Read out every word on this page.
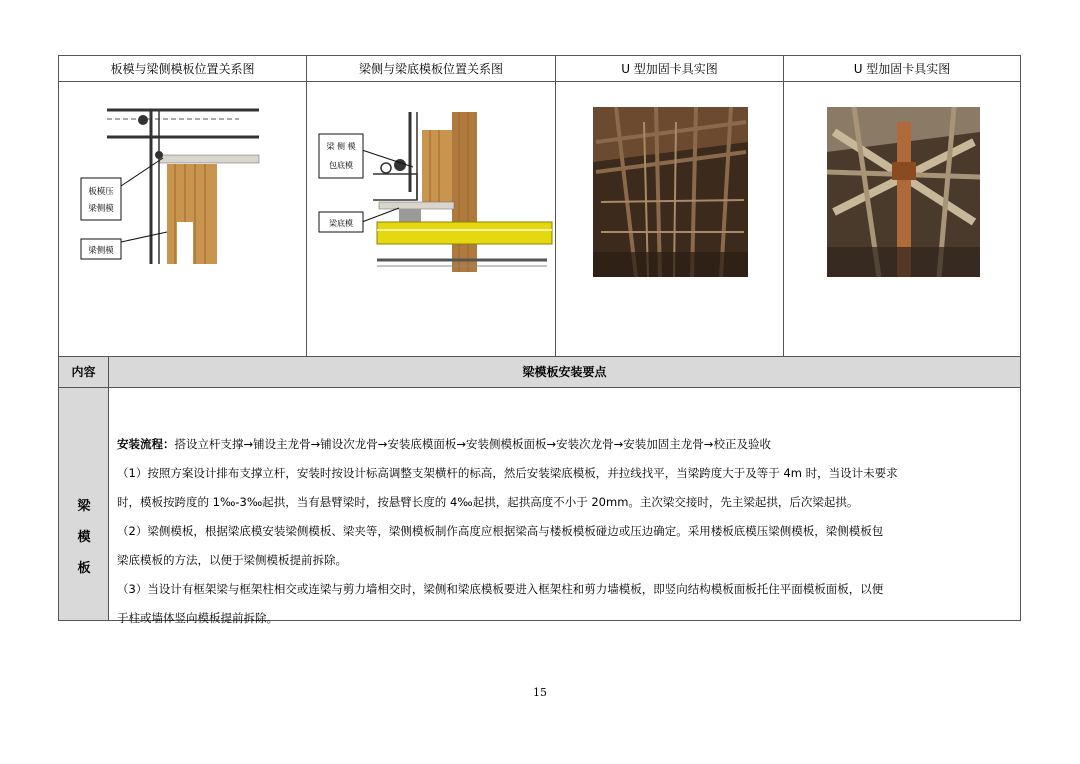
板模与梁侧模板位置关系图	梁侧与梁底模板位置关系图	U 型加固卡具实图	U 型加固卡具实图
板模压
梁侧模
梁侧模
梁 侧 模
包底模
梁底模
内容	梁模板安装要点
梁
模
板
安装流程：搭设立杆支撑→铺设主龙骨→铺设次龙骨→安装底模面板→安装侧模板面板→安装次龙骨→安装加固主龙骨→校正及验收
（1）按照方案设计排布支撑立杆，安装时按设计标高调整支架横杆的标高，然后安装梁底模板，并拉线找平，当梁跨度大于及等于 4m 时，当设计未要求
时，模板按跨度的 1‰-3‰起拱，当有悬臂梁时，按悬臂长度的 4‰起拱，起拱高度不小于 20mm。主次梁交接时，先主梁起拱，后次梁起拱。
（2）梁侧模板，根据梁底模安装梁侧模板、梁夹等，梁侧模板制作高度应根据梁高与楼板模板碰边或压边确定。采用楼板底模压梁侧模板，梁侧模板包
梁底模板的方法，以便于梁侧模板提前拆除。
（3）当设计有框架梁与框架柱相交或连梁与剪力墙相交时，梁侧和梁底模板要进入框架柱和剪力墙模板，即竖向结构模板面板托住平面模板面板，以便
于柱或墙体竖向模板提前拆除。
15
